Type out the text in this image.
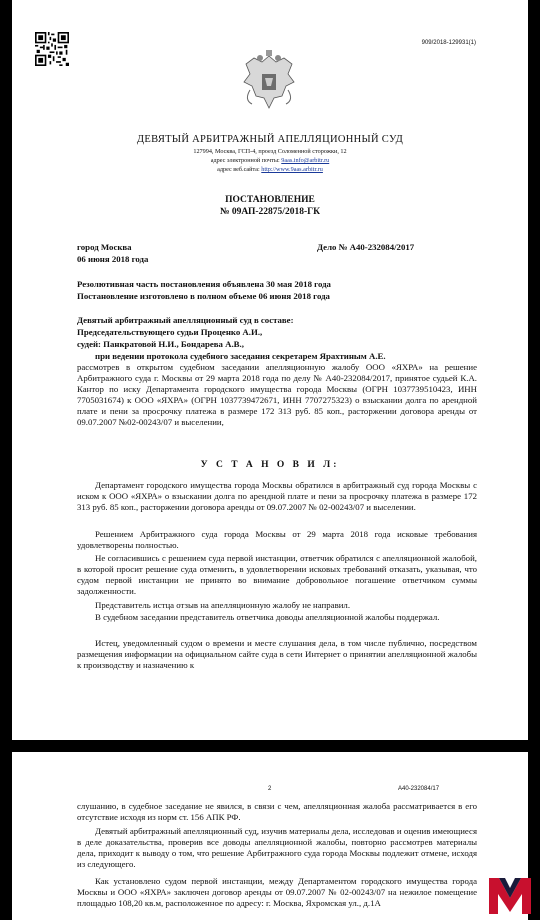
909/2018-129931(1)
ДЕВЯТЫЙ АРБИТРАЖНЫЙ АПЕЛЛЯЦИОННЫЙ СУД
127994, Москва, ГСП-4, проезд Соломенной сторожки, 12
адрес электронной почты: 9aas.info@arbitr.ru
адрес веб.сайта: http://www.9aas.arbitr.ru
ПОСТАНОВЛЕНИЕ
№ 09АП-22875/2018-ГК
город Москва	Дело № А40-232084/2017
06 июня 2018 года
Резолютивная часть постановления объявлена 30 мая 2018 года
Постановление изготовлено в полном объеме 06 июня 2018 года
Девятый арбитражный апелляционный суд в составе:
Председательствующего судьи Проценко А.И.,
судей: Панкратовой Н.И., Бондарева А.В.,
при ведении протокола судебного заседания секретарем Ярахтиным А.Е.

рассмотрев в открытом судебном заседании апелляционную жалобу ООО «ЯХРА» на решение Арбитражного суда г. Москвы от 29 марта 2018 года по делу № А40-232084/2017, принятое судьей К.А. Кантор по иску Департамента городского имущества города Москвы (ОГРН 1037739510423, ИНН 7705031674) к ООО «ЯХРА» (ОГРН 1037739472671, ИНН 7707275323) о взыскании долга по арендной плате и пени за просрочку платежа в размере 172 313 руб. 85 коп., расторжении договора аренды от 09.07.2007 №02-00243/07 и выселении,

У С Т А Н О В И Л:

Департамент городского имущества города Москвы обратился в арбитражный суд города Москвы с иском к ООО «ЯХРА» о взыскании долга по арендной плате и пени за просрочку платежа в размере 172 313 руб. 85 коп., расторжении договора аренды от 09.07.2007 № 02-00243/07 и выселении.

Решением Арбитражного суда города Москвы от 29 марта 2018 года исковые требования удовлетворены полностью.

Не согласившись с решением суда первой инстанции, ответчик обратился с апелляционной жалобой, в которой просит решение суда отменить, в удовлетворении исковых требований отказать, указывая, что судом первой инстанции не принято во внимание добровольное погашение ответчиком суммы задолженности.

Представитель истца отзыв на апелляционную жалобу не направил.

В судебном заседании представитель ответчика доводы апелляционной жалобы поддержал.

Истец, уведомленный судом о времени и месте слушания дела, в том числе публично, посредством размещения информации на официальном сайте суда в сети Интернет о принятии апелляционной жалобы к производству и назначению к

2	А40-232084/17

слушанию, в судебное заседание не явился, в связи с чем, апелляционная жалоба рассматривается в его отсутствие исходя из норм ст. 156 АПК РФ.

Девятый арбитражный апелляционный суд, изучив материалы дела, исследовав и оценив имеющиеся в деле доказательства, проверив все доводы апелляционной жалобы, повторно рассмотрев материалы дела, приходит к выводу о том, что решение Арбитражного суда города Москвы подлежит отмене, исходя из следующего.

Как установлено судом первой инстанции, между Департаментом городского имущества города Москвы и ООО «ЯХРА» заключен договор аренды от 09.07.2007 № 02-00243/07 на нежилое помещение площадью 108,20 кв.м, расположенное по адресу: г. Москва, Яхромская ул., д.1А
